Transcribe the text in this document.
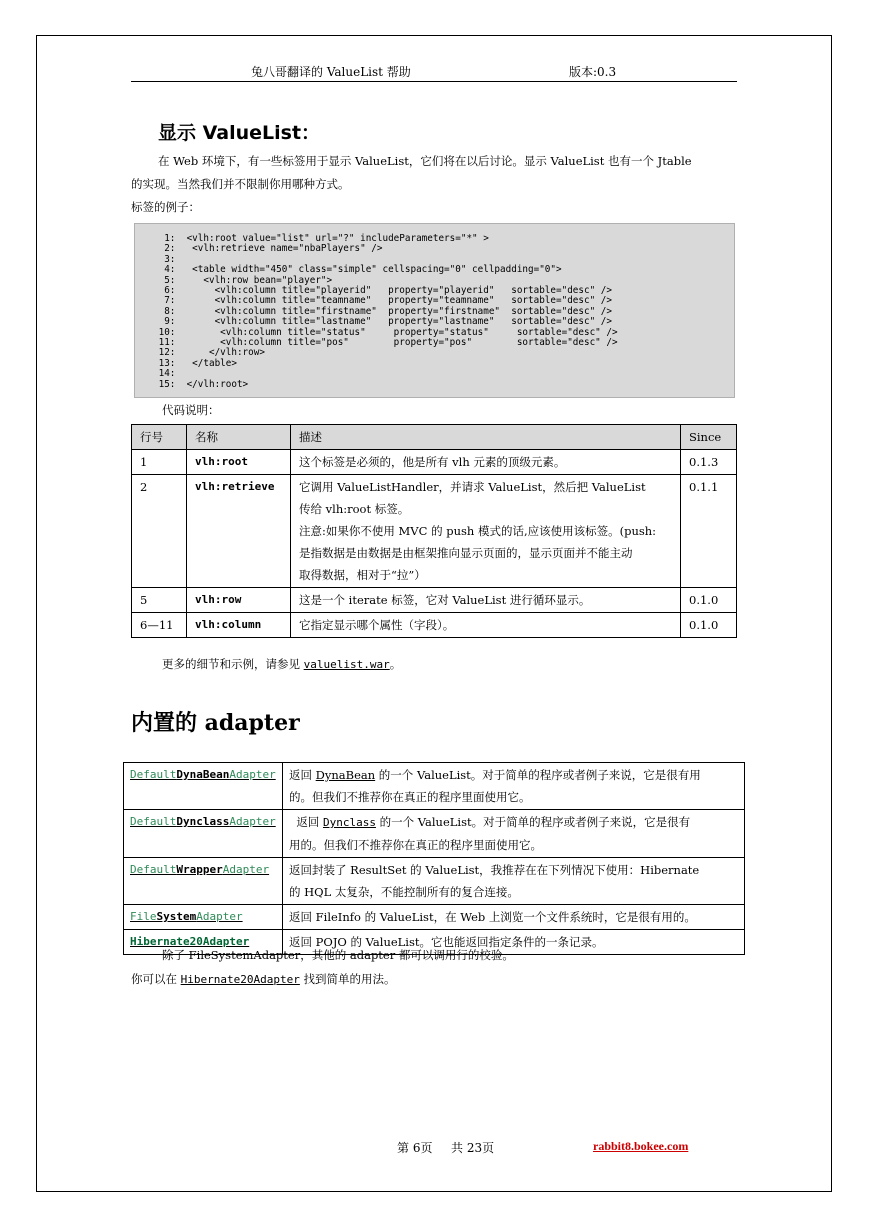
兔八哥翻译的 ValueList 帮助	版本:0.3
显示 ValueList：

在 Web 环境下，有一些标签用于显示 ValueList，它们将在以后讨论。显示 ValueList 也有一个 Jtable

的实现。当然我们并不限制你用哪种方式。

标签的例子：

1:  <vlh:root value="list" url="?" includeParameters="*" >
2:   <vlh:retrieve name="nbaPlayers" />
3:
4:   <table width="450" class="simple" cellspacing="0" cellpadding="0">
5:     <vlh:row bean="player">
6:       <vlh:column title="playerid"   property="playerid"   sortable="desc" />
7:       <vlh:column title="teamname"   property="teamname"   sortable="desc" />
8:       <vlh:column title="firstname"  property="firstname"  sortable="desc" />
9:       <vlh:column title="lastname"   property="lastname"   sortable="desc" />
10:        <vlh:column title="status"     property="status"     sortable="desc" />
11:        <vlh:column title="pos"        property="pos"        sortable="desc" />
12:      </vlh:row>
13:   </table>
14:
15:  </vlh:root>
代码说明：
行号	名称	描述	Since
1	vlh:root	这个标签是必须的，他是所有 vlh 元素的顶级元素。	0.1.3
2	vlh:retrieve	它调用 ValueListHandler，并请求 ValueList，然后把 ValueList
传给 vlh:root 标签。
注意:如果你不使用 MVC 的 push 模式的话,应该使用该标签。(push:
是指数据是由数据是由框架推向显示页面的，显示页面并不能主动
取得数据，相对于“拉”）	0.1.1
5	vlh:row	这是一个 iterate 标签，它对 ValueList 进行循环显示。	0.1.0
6—11	vlh:column	它指定显示哪个属性（字段）。	0.1.0
更多的细节和示例，请参见 valuelist.war。
内置的 adapter
DefaultDynaBeanAdapter	返回 DynaBean 的一个 ValueList。对于简单的程序或者例子来说，它是很有用
的。但我们不推荐你在真正的程序里面使用它。

DefaultDynclassAdapter	返回 Dynclass 的一个 ValueList。对于简单的程序或者例子来说，它是很有
用的。但我们不推荐你在真正的程序里面使用它。

DefaultWrapperAdapter	返回封装了 ResultSet 的 ValueList，我推荐在在下列情况下使用：Hibernate
的 HQL 太复杂，不能控制所有的复合连接。

FileSystemAdapter	返回 FileInfo 的 ValueList，在 Web 上浏览一个文件系统时，它是很有用的。
Hibernate20Adapter	返回 POJO 的 ValueList。它也能返回指定条件的一条记录。
除了 FileSystemAdapter，其他的 adapter 都可以调用行的校验。
你可以在 Hibernate20Adapter 找到简单的用法。
第 6页 共 23页	rabbit8.bokee.com
